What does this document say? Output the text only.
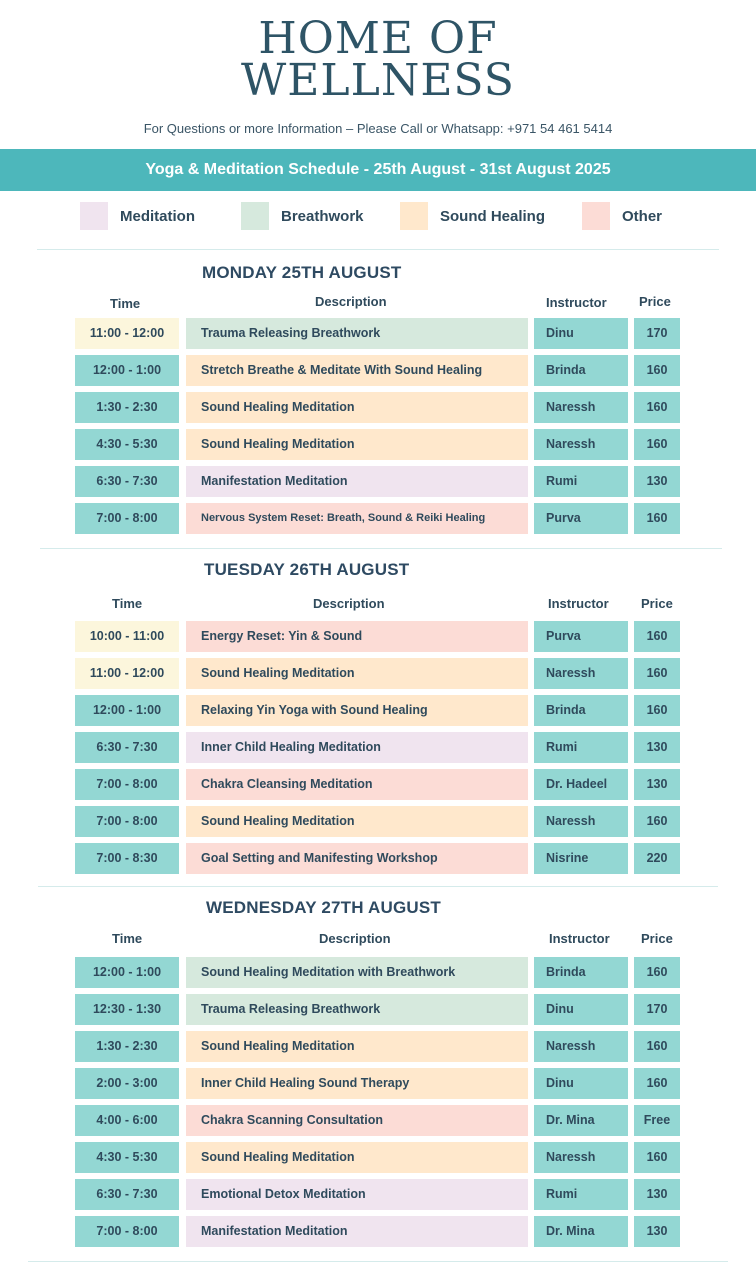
HOME OF
WELLNESS
For Questions or more Information – Please Call or Whatsapp: +971 54 461 5414
Yoga & Meditation Schedule - 25th August - 31st August 2025
Meditation	Breathwork	Sound Healing	Other
MONDAY 25TH AUGUST
Time	Description	Instructor Price
11:00 - 12:00	Trauma Releasing Breathwork	Dinu	170
12:00 - 1:00	Stretch Breathe & Meditate With Sound Healing	Brinda	160
1:30 - 2:30	Sound Healing Meditation	Naressh	160
4:30 - 5:30	Sound Healing Meditation	Naressh	160
6:30 - 7:30	Manifestation Meditation	Rumi	130
7:00 - 8:00	Nervous System Reset: Breath, Sound & Reiki Healing	Purva	160
TUESDAY 26TH AUGUST
Time	Description	Instructor Price
10:00 - 11:00	Energy Reset: Yin & Sound	Purva	160
11:00 - 12:00	Sound Healing Meditation	Naressh	160
12:00 - 1:00	Relaxing Yin Yoga with Sound Healing	Brinda	160
6:30 - 7:30	Inner Child Healing Meditation	Rumi	130
7:00 - 8:00	Chakra Cleansing Meditation	Dr. Hadeel	130
7:00 - 8:00	Sound Healing Meditation	Naressh	160
7:00 - 8:30	Goal Setting and Manifesting Workshop	Nisrine	220
WEDNESDAY 27TH AUGUST
Time	Description	Instructor Price
12:00 - 1:00	Sound Healing Meditation with Breathwork	Brinda	160
12:30 - 1:30	Trauma Releasing Breathwork	Dinu	170
1:30 - 2:30	Sound Healing Meditation	Naressh	160
2:00 - 3:00	Inner Child Healing Sound Therapy	Dinu	160
4:00 - 6:00	Chakra Scanning Consultation	Dr. Mina	Free
4:30 - 5:30	Sound Healing Meditation	Naressh	160
6:30 - 7:30	Emotional Detox Meditation	Rumi	130
7:00 - 8:00	Manifestation Meditation	Dr. Mina	130
